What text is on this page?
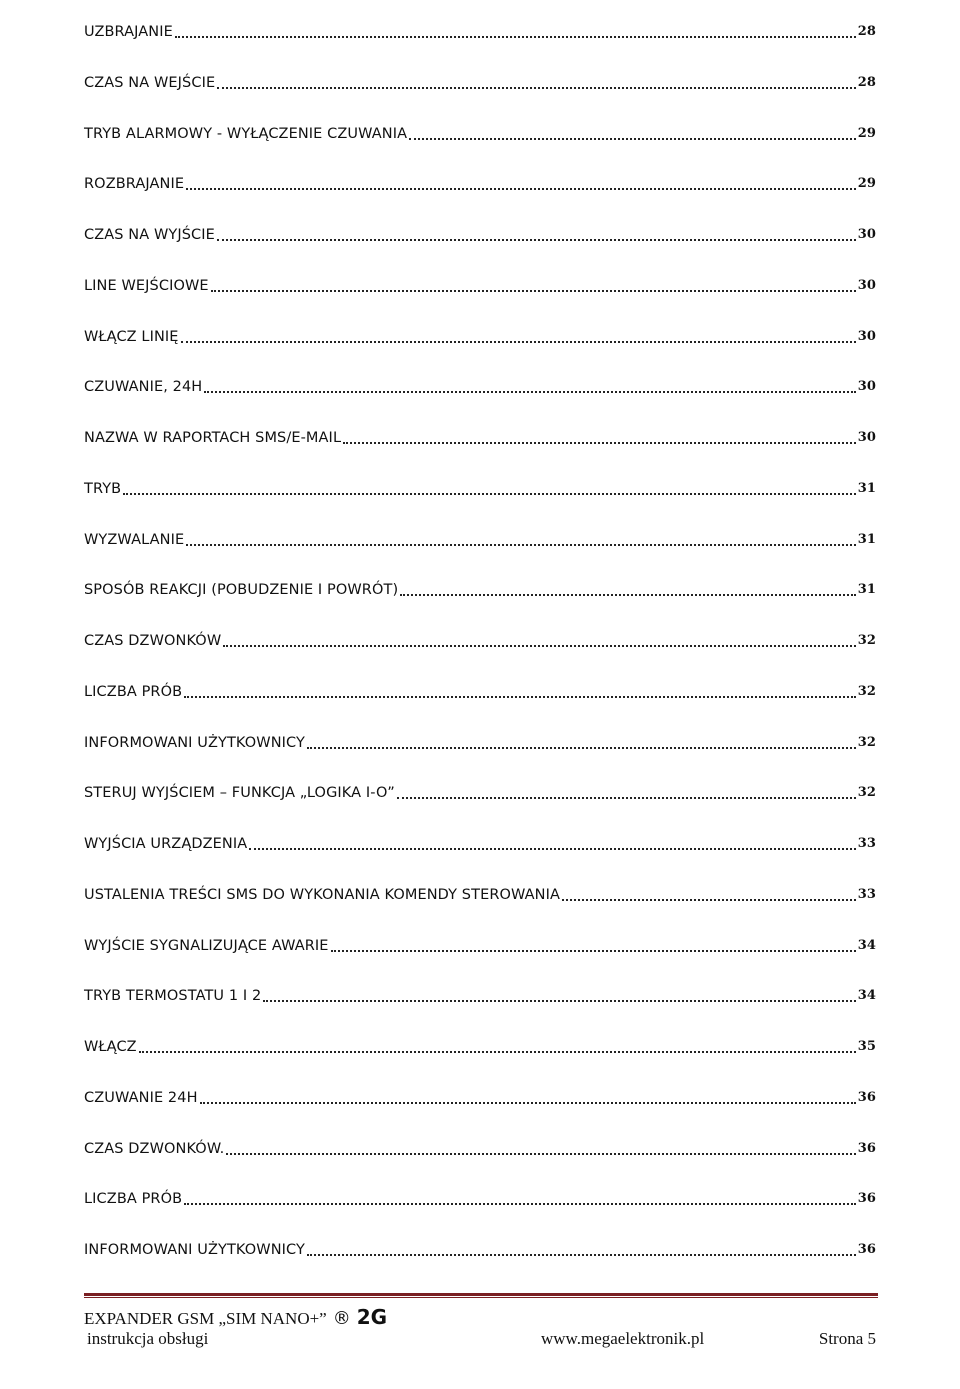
UZBRAJANIE	28
CZAS NA WEJŚCIE	28
TRYB ALARMOWY - WYŁĄCZENIE CZUWANIA	29
ROZBRAJANIE	29
CZAS NA WYJŚCIE	30
LINE WEJŚCIOWE	30
WŁĄCZ LINIĘ	30
CZUWANIE, 24H	30
NAZWA W RAPORTACH SMS/E-MAIL	30
TRYB	31
WYZWALANIE	31
SPOSÓB REAKCJI (POBUDZENIE I POWRÓT)	31
CZAS DZWONKÓW	32
LICZBA PRÓB	32
INFORMOWANI UŻYTKOWNICY	32
STERUJ WYJŚCIEM – FUNKCJA „LOGIKA I-O”	32
WYJŚCIA URZĄDZENIA	33
USTALENIA TREŚCI SMS DO WYKONANIA KOMENDY STEROWANIA	33
WYJŚCIE SYGNALIZUJĄCE AWARIE	34
TRYB TERMOSTATU 1 I 2	34
WŁĄCZ	35
CZUWANIE 24H	36
CZAS DZWONKÓW.	36
LICZBA PRÓB	36
INFORMOWANI UŻYTKOWNICY	36
EXPANDER GSM „SIM NANO+” ® 2G
instrukcja obsługi	www.megaelektronik.pl	Strona 5
